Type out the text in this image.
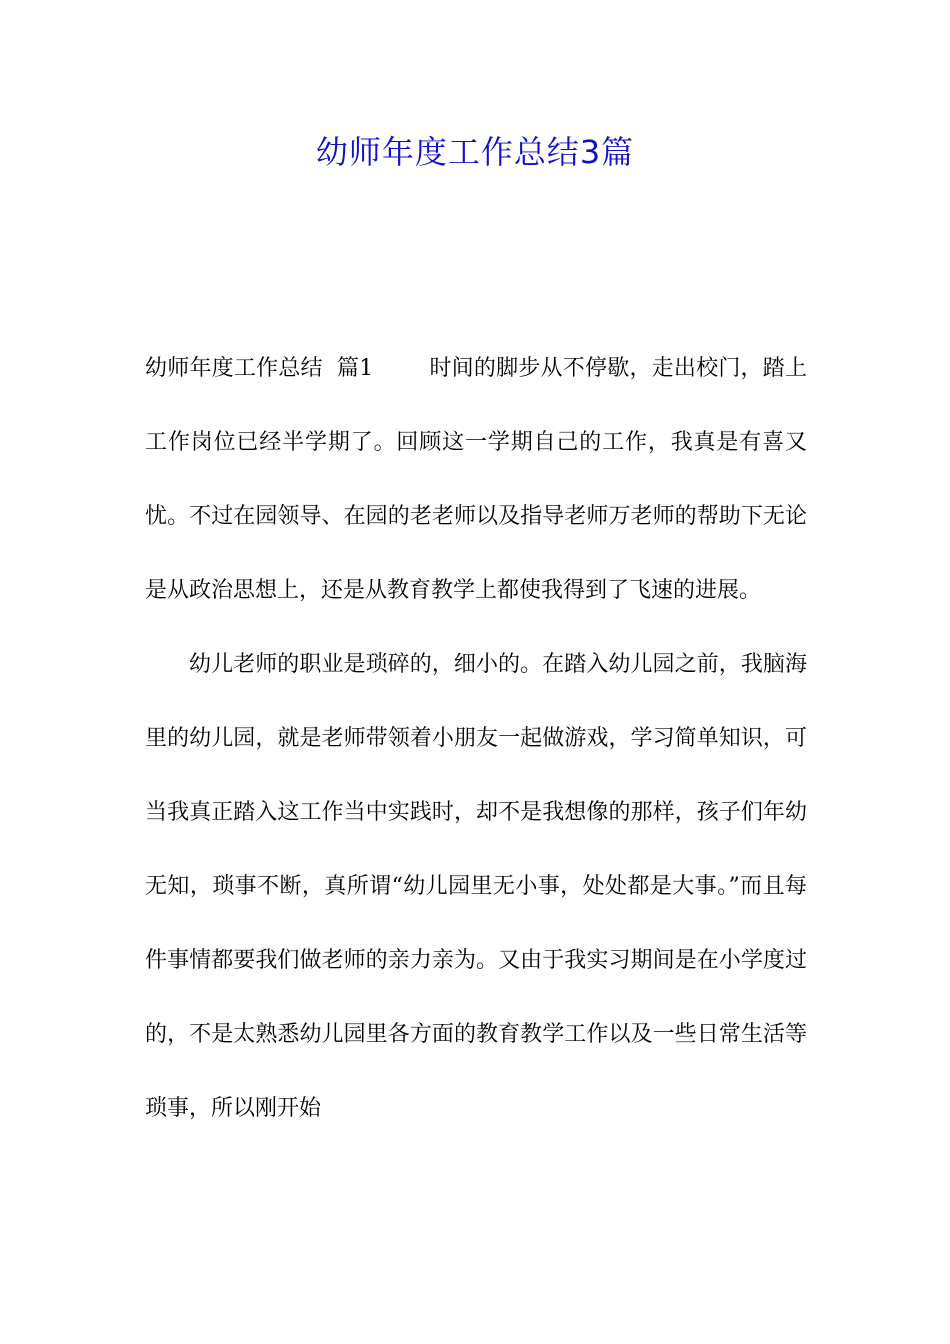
幼师年度工作总结3篇

幼师年度工作总结 篇1	时间的脚步从不停歇，走出校门，踏上工作岗位已经半学期了。回顾这一学期自己的工作，我真是有喜又忧。不过在园领导、在园的老老师以及指导老师万老师的帮助下无论是从政治思想上，还是从教育教学上都使我得到了飞速的进展。

幼儿老师的职业是琐碎的，细小的。在踏入幼儿园之前，我脑海里的幼儿园，就是老师带领着小朋友一起做游戏，学习简单知识，可当我真正踏入这工作当中实践时，却不是我想像的那样，孩子们年幼无知，琐事不断，真所谓“幼儿园里无小事，处处都是大事。”而且每件事情都要我们做老师的亲力亲为。又由于我实习期间是在小学度过的，不是太熟悉幼儿园里各方面的教育教学工作以及一些日常生活等琐事，所以刚开始
